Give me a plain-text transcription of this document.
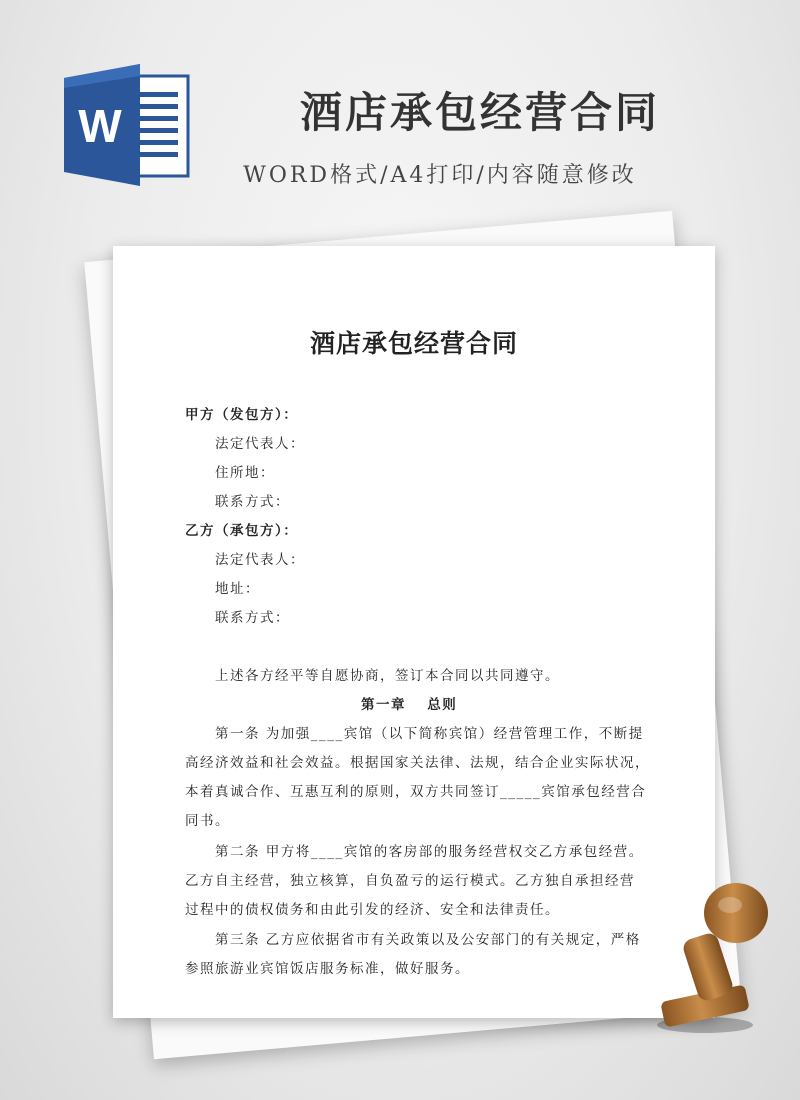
W	酒店承包经营合同
WORD格式/A4打印/内容随意修改
酒店承包经营合同
甲方（发包方）：
法定代表人：
住所地：
联系方式：
乙方（承包方）：
法定代表人：
地址：
联系方式：
上述各方经平等自愿协商，签订本合同以共同遵守。
第一章　 总则
第一条 为加强____宾馆（以下简称宾馆）经营管理工作，不断提
高经济效益和社会效益。根据国家关法律、法规，结合企业实际状况，
本着真诚合作、互惠互利的原则，双方共同签订_____宾馆承包经营合
同书。
第二条 甲方将____宾馆的客房部的服务经营权交乙方承包经营。
乙方自主经营，独立核算，自负盈亏的运行模式。乙方独自承担经营
过程中的债权债务和由此引发的经济、安全和法律责任。
第三条 乙方应依据省市有关政策以及公安部门的有关规定，严格
参照旅游业宾馆饭店服务标准，做好服务。
